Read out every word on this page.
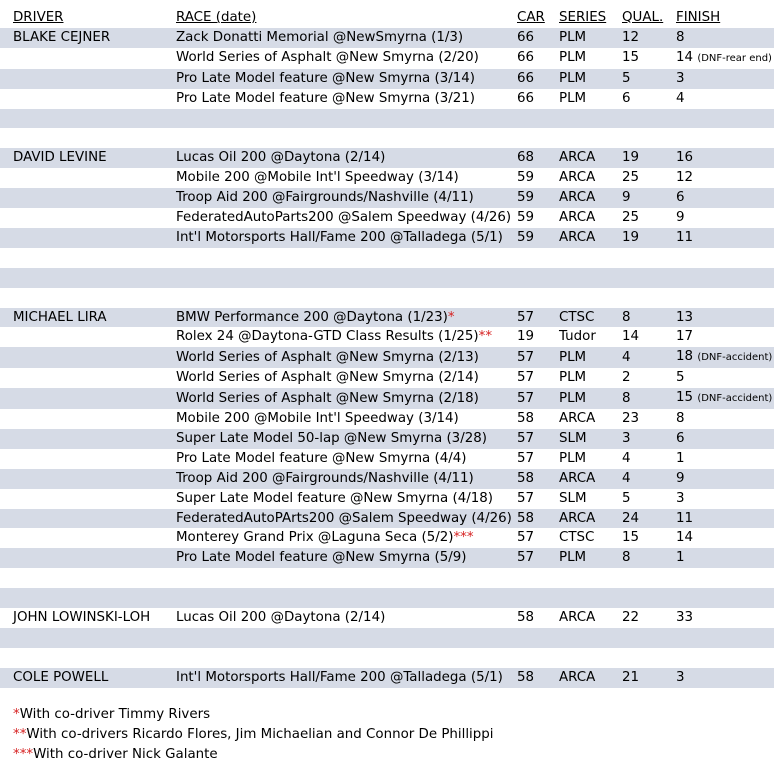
DRIVER	RACE (date)	CAR	SERIES	QUAL.	FINISH
BLAKE CEJNER	Zack Donatti Memorial @NewSmyrna (1/3)	66	PLM	12	8
	World Series of Asphalt @New Smyrna (2/20)	66	PLM	15	14 (DNF-rear end)
	Pro Late Model feature @New Smyrna (3/14)	66	PLM	5	3
	Pro Late Model feature @New Smyrna (3/21)	66	PLM	6	4

DAVID LEVINE	Lucas Oil 200 @Daytona (2/14)	68	ARCA	19	16
	Mobile 200 @Mobile Int'l Speedway (3/14)	59	ARCA	25	12
	Troop Aid 200 @Fairgrounds/Nashville (4/11)	59	ARCA	9	6
	FederatedAutoParts200 @Salem Speedway (4/26)	59	ARCA	25	9
	Int'l Motorsports Hall/Fame 200 @Talladega (5/1)	59	ARCA	19	11

MICHAEL LIRA	BMW Performance 200 @Daytona (1/23)*	57	CTSC	8	13
	Rolex 24 @Daytona-GTD Class Results (1/25)**	19	Tudor	14	17
	World Series of Asphalt @New Smyrna (2/13)	57	PLM	4	18 (DNF-accident)
	World Series of Asphalt @New Smyrna (2/14)	57	PLM	2	5
	World Series of Asphalt @New Smyrna (2/18)	57	PLM	8	15 (DNF-accident)
	Mobile 200 @Mobile Int'l Speedway (3/14)	58	ARCA	23	8
	Super Late Model 50-lap @New Smyrna (3/28)	57	SLM	3	6
	Pro Late Model feature @New Smyrna (4/4)	57	PLM	4	1
	Troop Aid 200 @Fairgrounds/Nashville (4/11)	58	ARCA	4	9
	Super Late Model feature @New Smyrna (4/18)	57	SLM	5	3
	FederatedAutoPArts200 @Salem Speedway (4/26)	58	ARCA	24	11
	Monterey Grand Prix @Laguna Seca (5/2)***	57	CTSC	15	14
	Pro Late Model feature @New Smyrna (5/9)	57	PLM	8	1

JOHN LOWINSKI-LOH	Lucas Oil 200 @Daytona (2/14)	58	ARCA	22	33

COLE POWELL	Int'l Motorsports Hall/Fame 200 @Talladega (5/1)	58	ARCA	21	3
*With co-driver Timmy Rivers
**With co-drivers Ricardo Flores, Jim Michaelian and Connor De Phillippi
***With co-driver Nick Galante
